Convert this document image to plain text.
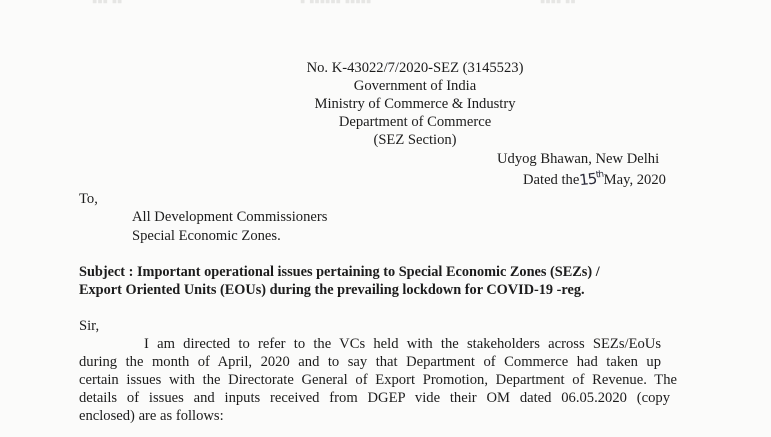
▪▪▪ ▪▪	▪ ▪▪▪▪▪▪ ▪▪▪▪▪	▪▪▪▪ ▪▪
No. K-43022/7/2020-SEZ (3145523)
Government of India
Ministry of Commerce & Industry
Department of Commerce
(SEZ Section)
Udyog Bhawan, New Delhi
Dated the15thMay, 2020
To,
All Development Commissioners
Special Economic Zones.
Subject : Important operational issues pertaining to Special Economic Zones (SEZs) /
Export Oriented Units (EOUs) during the prevailing lockdown for COVID-19 -reg.
Sir,
I am directed to refer to the VCs held with the stakeholders across SEZs/EoUs
during the month of April, 2020 and to say that Department of Commerce had taken up
certain issues with the Directorate General of Export Promotion, Department of Revenue. The
details of issues and inputs received from DGEP vide their OM dated 06.05.2020 (copy
enclosed) are as follows:
